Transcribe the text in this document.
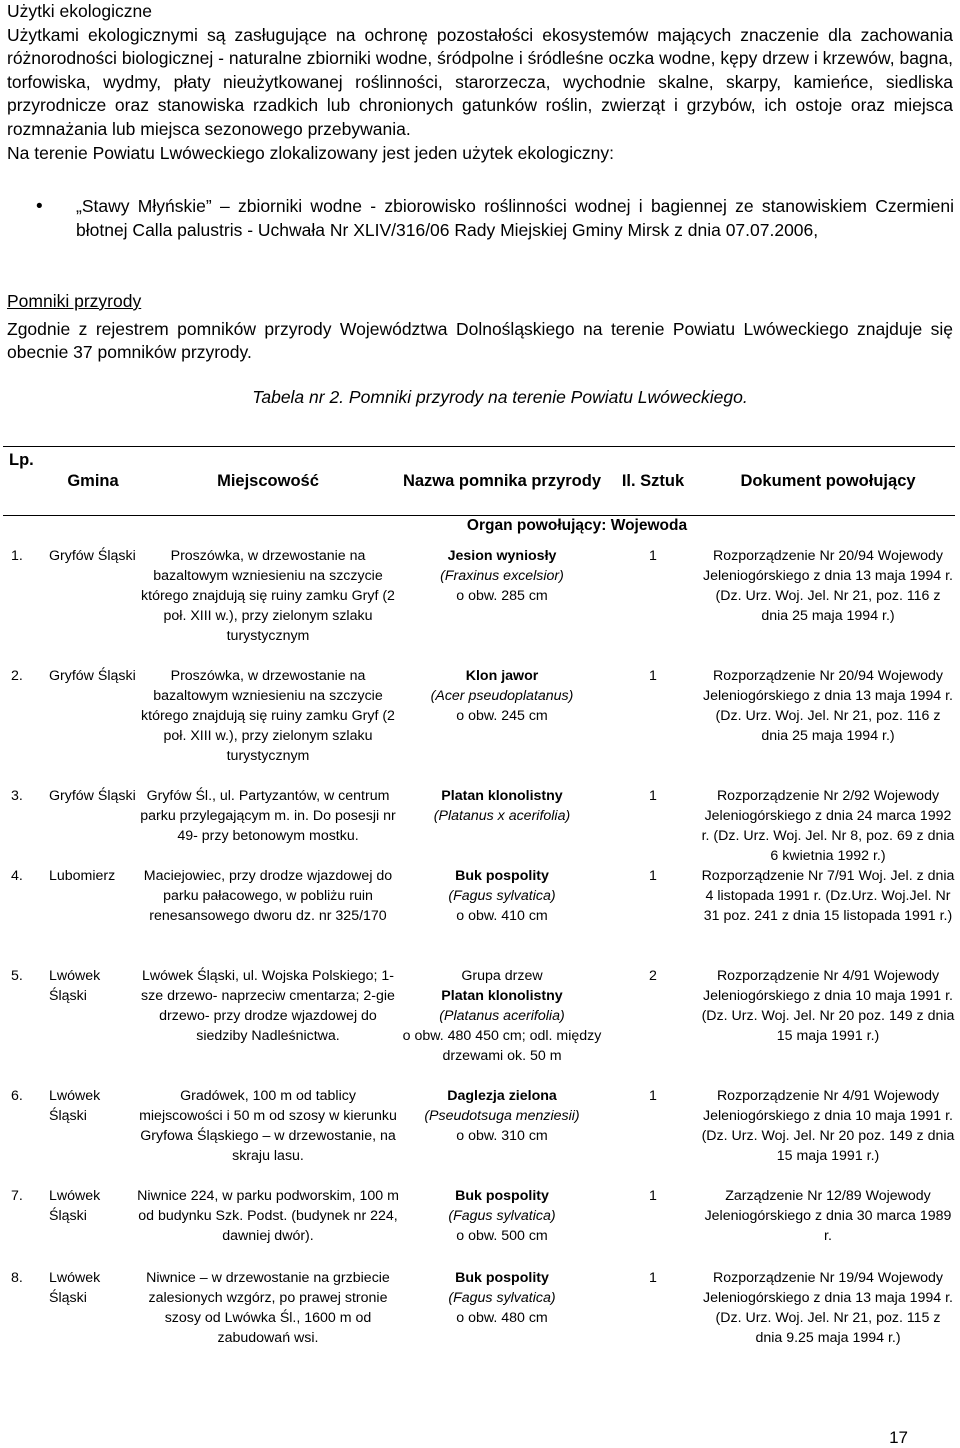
Użytki ekologiczne

Użytkami ekologicznymi są zasługujące na ochronę pozostałości ekosystemów mających znaczenie dla zachowania różnorodności biologicznej - naturalne zbiorniki wodne, śródpolne i śródleśne oczka wodne, kępy drzew i krzewów, bagna, torfowiska, wydmy, płaty nieużytkowanej roślinności, starorzecza, wychodnie skalne, skarpy, kamieńce, siedliska przyrodnicze oraz stanowiska rzadkich lub chronionych gatunków roślin, zwierząt i grzybów, ich ostoje oraz miejsca rozmnażania lub miejsca sezonowego przebywania.

Na terenie Powiatu Lwóweckiego zlokalizowany jest jeden użytek ekologiczny:

• „Stawy Młyńskie” – zbiorniki wodne - zbiorowisko roślinności wodnej i bagiennej ze stanowiskiem Czermieni błotnej Calla palustris - Uchwała Nr XLIV/316/06 Rady Miejskiej Gminy Mirsk z dnia 07.07.2006,

Pomniki przyrody

Zgodnie z rejestrem pomników przyrody Województwa Dolnośląskiego na terenie Powiatu Lwóweckiego znajduje się obecnie 37 pomników przyrody.

Tabela nr 2. Pomniki przyrody na terenie Powiatu Lwóweckiego.
Lp.	Gmina	Miejscowość	Nazwa pomnika przyrody	Il. Sztuk	Dokument powołujący
Organ powołujący: Wojewoda					
1.	Gryfów Śląski	Proszówka, w drzewostanie na bazaltowym wzniesieniu na szczycie którego znajdują się ruiny zamku Gryf (2 poł. XIII w.), przy zielonym szlaku turystycznym	Jesion wyniosły
(Fraxinus excelsior)
o obw. 285 cm	1	Rozporządzenie Nr 20/94 Wojewody Jeleniogórskiego z dnia 13 maja 1994 r. (Dz. Urz. Woj. Jel. Nr 21, poz. 116 z dnia 25 maja 1994 r.)
2.	Gryfów Śląski	Proszówka, w drzewostanie na bazaltowym wzniesieniu na szczycie którego znajdują się ruiny zamku Gryf (2 poł. XIII w.), przy zielonym szlaku turystycznym	Klon jawor
(Acer pseudoplatanus)
o obw. 245 cm	1	Rozporządzenie Nr 20/94 Wojewody Jeleniogórskiego z dnia 13 maja 1994 r. (Dz. Urz. Woj. Jel. Nr 21, poz. 116 z dnia 25 maja 1994 r.)
3.	Gryfów Śląski	Gryfów Śl., ul. Partyzantów, w centrum parku przylegającym m. in. Do posesji nr 49- przy betonowym mostku.	Platan klonolistny
(Platanus x acerifolia)	1	Rozporządzenie Nr 2/92 Wojewody Jeleniogórskiego z dnia 24 marca 1992 r. (Dz. Urz. Woj. Jel. Nr 8, poz. 69 z dnia 6 kwietnia 1992 r.)
4.	Lubomierz	Maciejowiec, przy drodze wjazdowej do parku pałacowego, w pobliżu ruin renesansowego dworu dz. nr 325/170	Buk pospolity
(Fagus sylvatica)
o obw. 410 cm	1	Rozporządzenie Nr 7/91 Woj. Jel. z dnia 4 listopada 1991 r. (Dz.Urz. Woj.Jel. Nr 31 poz. 241 z dnia 15 listopada 1991 r.)
5.	Lwówek Śląski	Lwówek Śląski, ul. Wojska Polskiego; 1-sze drzewo- naprzeciw cmentarza; 2-gie drzewo- przy drodze wjazdowej do siedziby Nadleśnictwa.	Grupa drzew
Platan klonolistny
(Platanus acerifolia)
o obw. 480 450 cm; odl. między drzewami ok. 50 m	2	Rozporządzenie Nr 4/91 Wojewody Jeleniogórskiego z dnia 10 maja 1991 r. (Dz. Urz. Woj. Jel. Nr 20 poz. 149 z dnia 15 maja 1991 r.)
6.	Lwówek Śląski	Gradówek, 100 m od tablicy miejscowości i 50 m od szosy w kierunku Gryfowa Śląskiego – w drzewostanie, na skraju lasu.	Daglezja zielona
(Pseudotsuga menziesii)
o obw. 310 cm	1	Rozporządzenie Nr 4/91 Wojewody Jeleniogórskiego z dnia 10 maja 1991 r. (Dz. Urz. Woj. Jel. Nr 20 poz. 149 z dnia 15 maja 1991 r.)
7.	Lwówek Śląski	Niwnice 224, w parku podworskim, 100 m od budynku Szk. Podst. (budynek nr 224, dawniej dwór).	Buk pospolity
(Fagus sylvatica)
o obw. 500 cm	1	Zarządzenie Nr 12/89 Wojewody Jeleniogórskiego z dnia 30 marca 1989 r.
8.	Lwówek Śląski	Niwnice – w drzewostanie na grzbiecie zalesionych wzgórz, po prawej stronie szosy od Lwówka Śl., 1600 m od zabudowań wsi.	Buk pospolity
(Fagus sylvatica)
o obw. 480 cm	1	Rozporządzenie Nr 19/94 Wojewody Jeleniogórskiego z dnia 13 maja 1994 r. (Dz. Urz. Woj. Jel. Nr 21, poz. 115 z dnia 9.25 maja 1994 r.)
17
